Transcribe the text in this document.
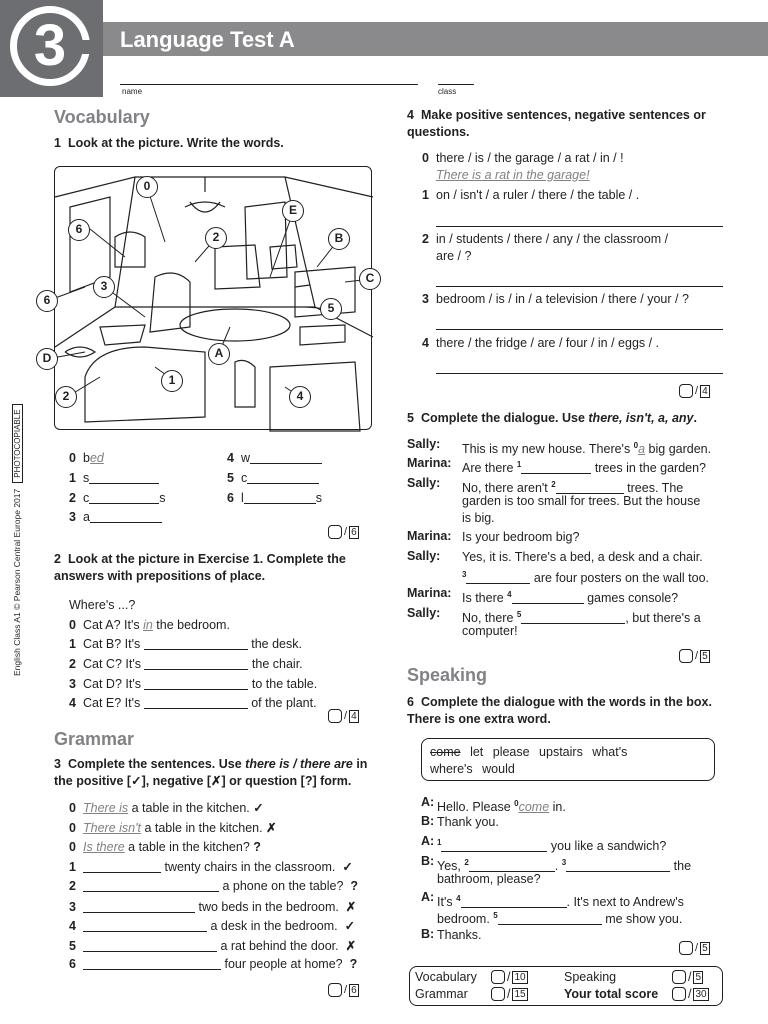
3	Language Test A
name	class
English Class A1 © Pearson Central Europe 2017PHOTOCOPIABLE
Vocabulary
1 Look at the picture. Write the words.
0
E
6
2	B
C
3
5
6
D	A
1
2	4
0 bed
1 s
2 c	s
3 a
4 w
5 c
6 l	s
/ 6
2 Look at the picture in Exercise 1. Complete the answers with prepositions of place.
Where's ...?
0 Cat A? It's in the bedroom.
1 Cat B? It's	the desk.
2 Cat C? It's	the chair.
3 Cat D? It's	to the table.
4 Cat E? It's	of the plant.
/ 4
Grammar
3 Complete the sentences. Use there is / there are in the positive [✓], negative [✗] or question [?] form.
0 There is a table in the kitchen. ✓
0 There isn't a table in the kitchen. ✗
0 Is there a table in the kitchen? ?
1	twenty chairs in the classroom. ✓
2	a phone on the table? ?
3	two beds in the bedroom. ✗
4	a desk in the bedroom. ✓
5	a rat behind the door. ✗
6	four people at home? ?
/ 6
4 Make positive sentences, negative sentences or questions.
0 there / is / the garage / a rat / in / !
There is a rat in the garage!
1 on / isn't / a ruler / there / the table / .
2 in / students / there / any / the classroom /
are / ?
3 bedroom / is / in / a television / there / your / ?
4 there / the fridge / are / four / in / eggs / .
/ 4
5 Complete the dialogue. Use there, isn't, a, any.
Sally: This is my new house. There's $^0$a big garden.
Marina: Are there $^1$	trees in the garden?
Sally: No, there aren't $^2$	trees. The
garden is too small for trees. But the house
is big.
Marina: Is your bedroom big?
Sally: Yes, it is. There's a bed, a desk and a chair.
$^3$	are four posters on the wall too.
Marina: Is there $^4$	games console?
Sally: No, there $^5$	, but there's a
computer!
/ 5
Speaking
6 Complete the dialogue with the words in the box. There is one extra word.
come let please upstairs what's
where's would
A: Hello. Please $^0$come in.
B: Thank you.
A: $^1$	you like a sandwich?
B: Yes, $^2$	. $^3$	the
bathroom, please?
A: It's $^4$	. It's next to Andrew's
bedroom. $^5$	me show you.
B: Thanks.
/ 5
Vocabulary	/ 10
Grammar	/ 15
Speaking	/ 5
Your total score	/ 30
